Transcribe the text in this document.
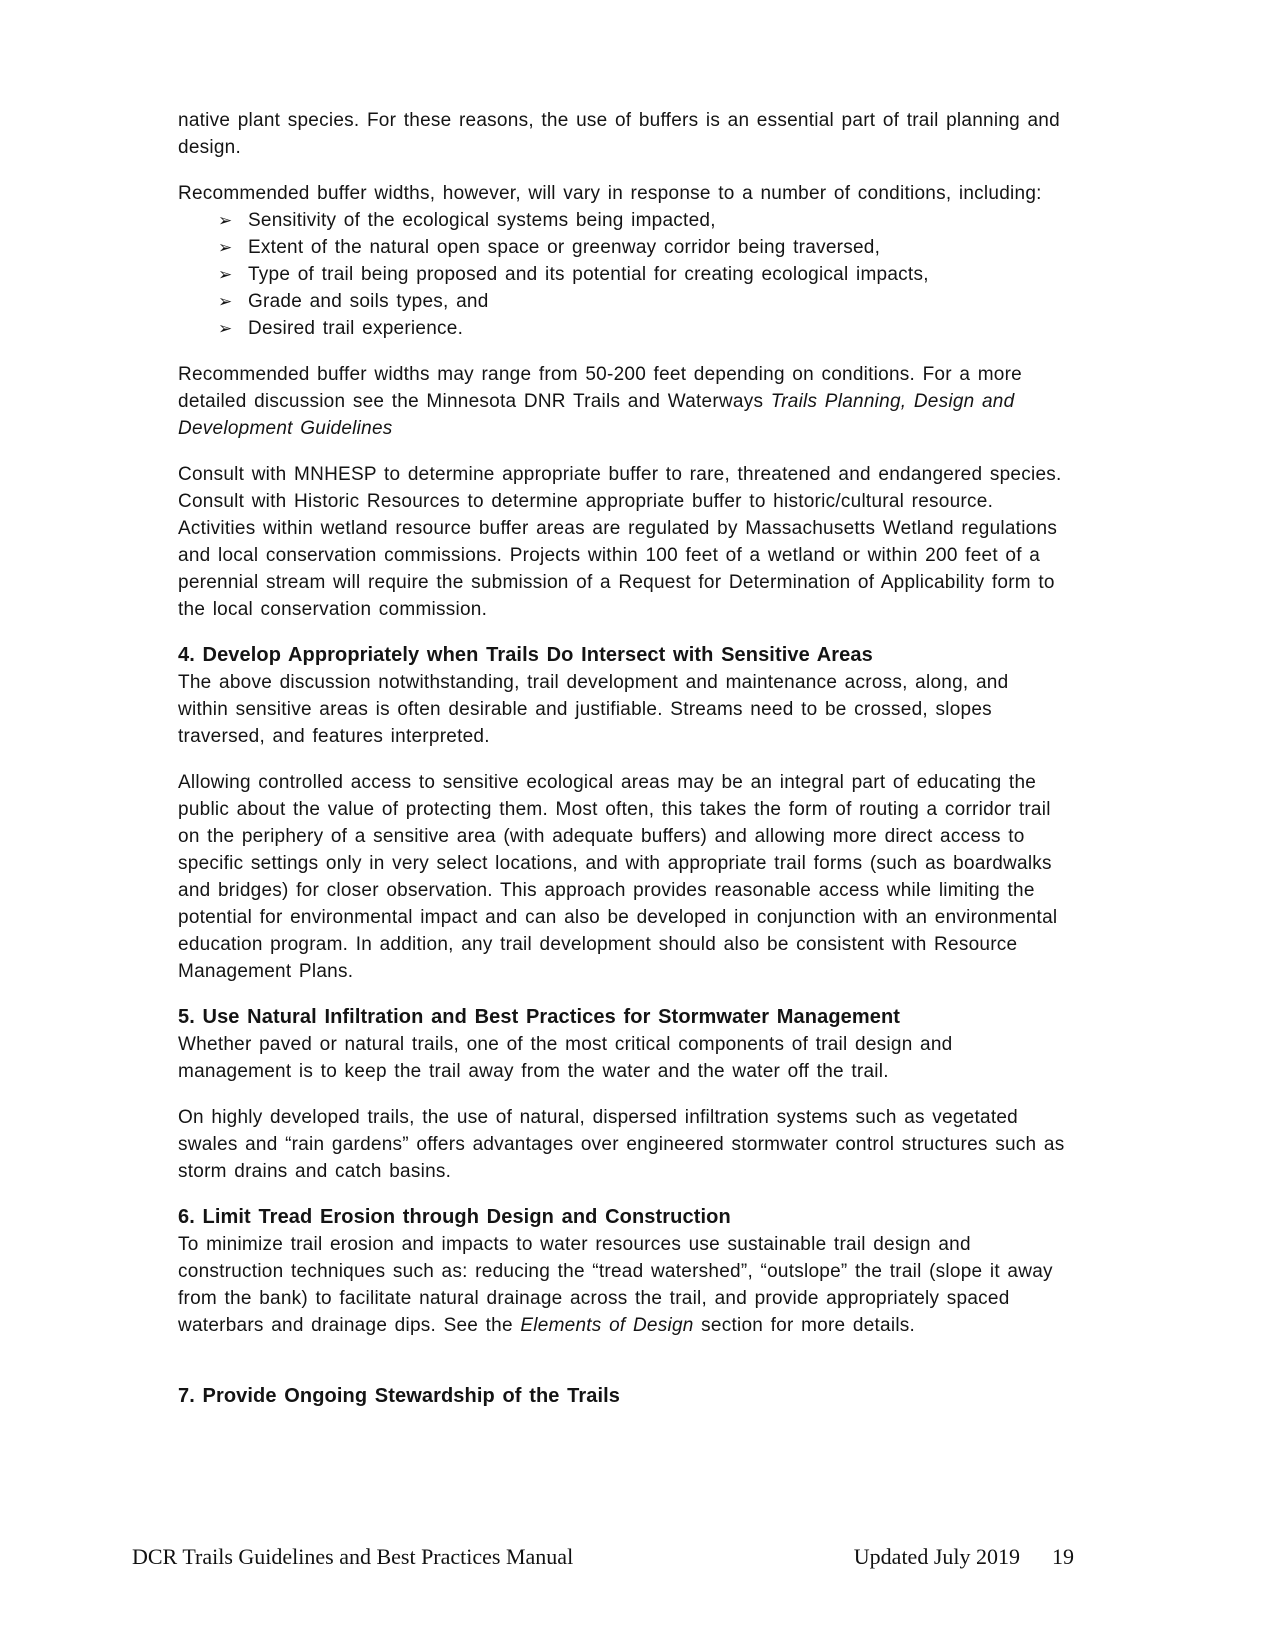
native plant species. For these reasons, the use of buffers is an essential part of trail planning and design.

Recommended buffer widths, however, will vary in response to a number of conditions, including:

➢ Sensitivity of the ecological systems being impacted,
➢ Extent of the natural open space or greenway corridor being traversed,
➢ Type of trail being proposed and its potential for creating ecological impacts,
➢ Grade and soils types, and
➢ Desired trail experience.

Recommended buffer widths may range from 50-200 feet depending on conditions. For a more detailed discussion see the Minnesota DNR Trails and Waterways Trails Planning, Design and Development Guidelines

Consult with MNHESP to determine appropriate buffer to rare, threatened and endangered species. Consult with Historic Resources to determine appropriate buffer to historic/cultural resource. Activities within wetland resource buffer areas are regulated by Massachusetts Wetland regulations and local conservation commissions. Projects within 100 feet of a wetland or within 200 feet of a perennial stream will require the submission of a Request for Determination of Applicability form to the local conservation commission.

4. Develop Appropriately when Trails Do Intersect with Sensitive Areas

The above discussion notwithstanding, trail development and maintenance across, along, and within sensitive areas is often desirable and justifiable. Streams need to be crossed, slopes traversed, and features interpreted.

Allowing controlled access to sensitive ecological areas may be an integral part of educating the public about the value of protecting them. Most often, this takes the form of routing a corridor trail on the periphery of a sensitive area (with adequate buffers) and allowing more direct access to specific settings only in very select locations, and with appropriate trail forms (such as boardwalks and bridges) for closer observation. This approach provides reasonable access while limiting the potential for environmental impact and can also be developed in conjunction with an environmental education program. In addition, any trail development should also be consistent with Resource Management Plans.

5. Use Natural Infiltration and Best Practices for Stormwater Management

Whether paved or natural trails, one of the most critical components of trail design and management is to keep the trail away from the water and the water off the trail.

On highly developed trails, the use of natural, dispersed infiltration systems such as vegetated swales and “rain gardens” offers advantages over engineered stormwater control structures such as storm drains and catch basins.

6. Limit Tread Erosion through Design and Construction

To minimize trail erosion and impacts to water resources use sustainable trail design and construction techniques such as: reducing the “tread watershed”, “outslope” the trail (slope it away from the bank) to facilitate natural drainage across the trail, and provide appropriately spaced waterbars and drainage dips. See the Elements of Design section for more details.

7. Provide Ongoing Stewardship of the Trails
DCR Trails Guidelines and Best Practices Manual	Updated July 2019 19
